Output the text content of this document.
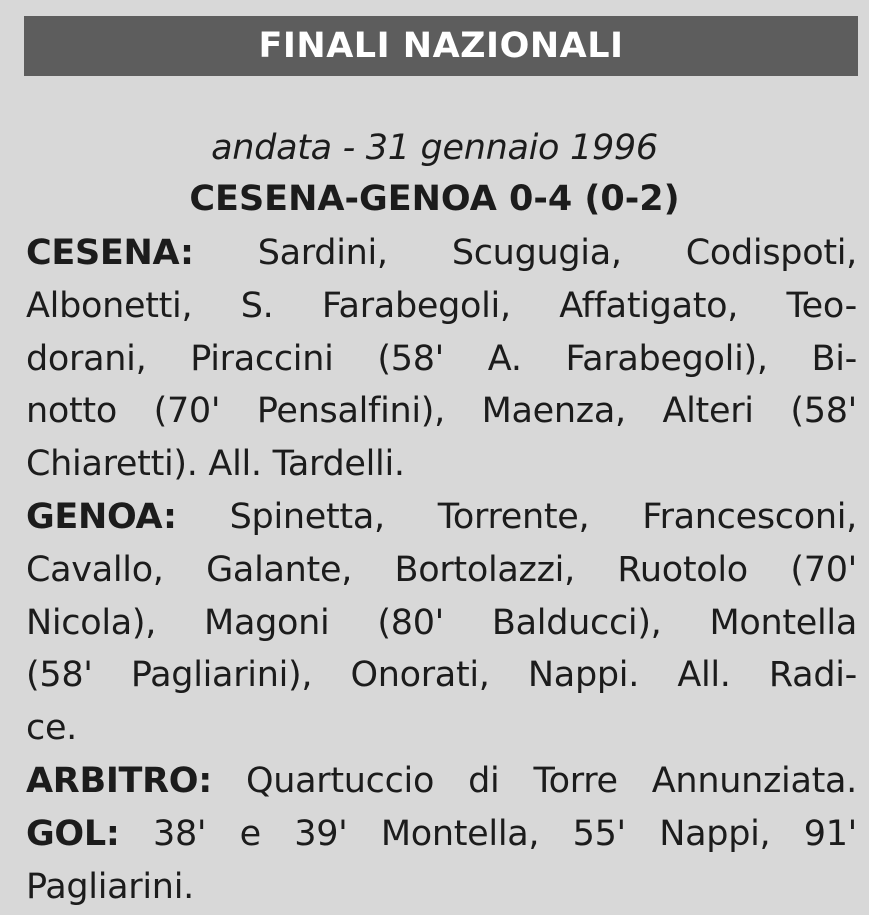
FINALI NAZIONALI
andata - 31 gennaio 1996
CESENA-GENOA 0-4 (0-2)
CESENA: Sardini, Scugugia, Codispoti,
Albonetti, S. Farabegoli, Affatigato, Teo-
dorani, Piraccini (58' A. Farabegoli), Bi-
notto (70' Pensalfini), Maenza, Alteri (58'
Chiaretti). All. Tardelli.
GENOA: Spinetta, Torrente, Francesconi,
Cavallo, Galante, Bortolazzi, Ruotolo (70'
Nicola), Magoni (80' Balducci), Montella
(58' Pagliarini), Onorati, Nappi. All. Radi-
ce.
ARBITRO: Quartuccio di Torre Annunziata.
GOL: 38' e 39' Montella, 55' Nappi, 91'
Pagliarini.
